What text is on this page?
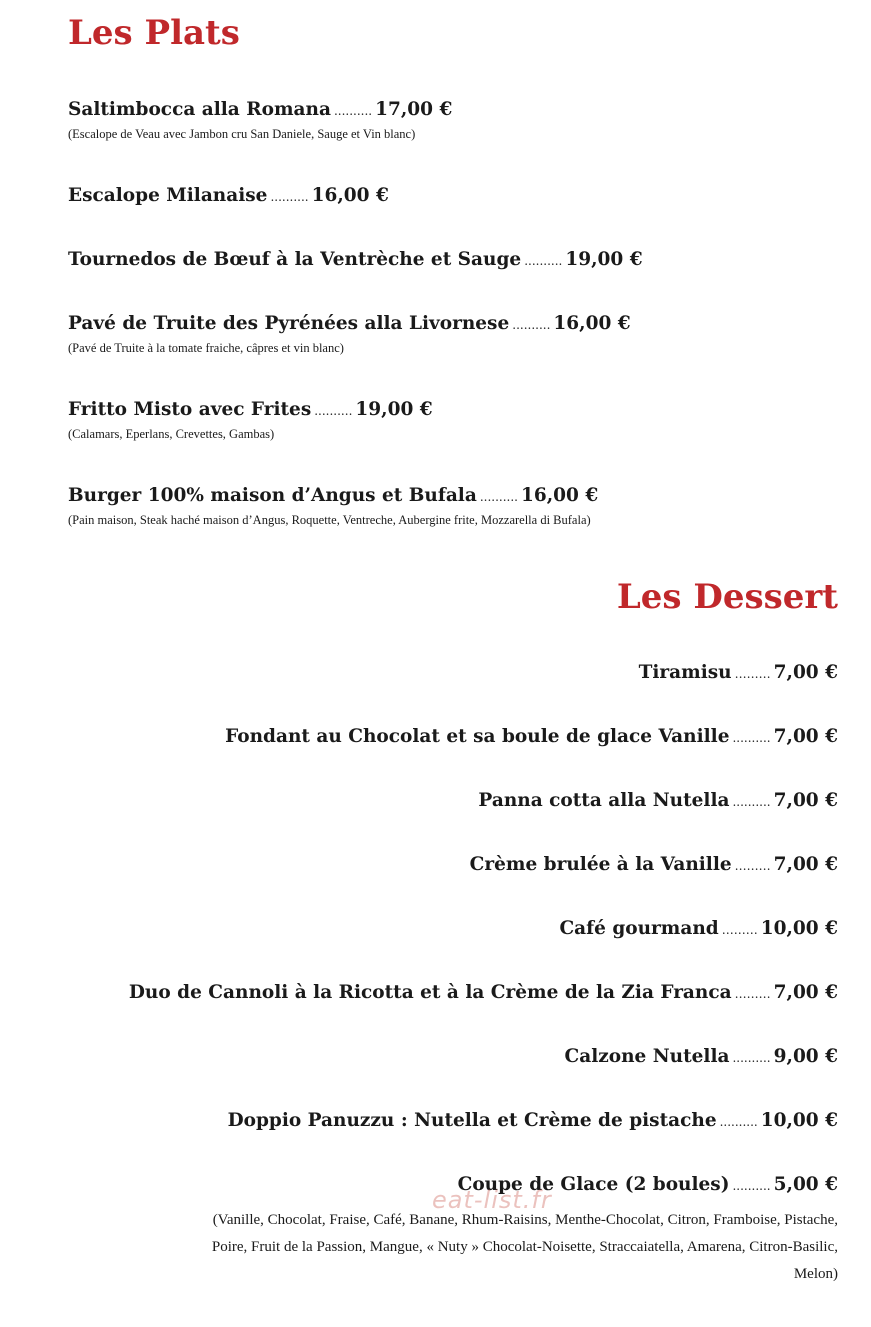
Les Plats
Saltimbocca alla Romana .......... 17,00 €
(Escalope de Veau avec Jambon cru San Daniele, Sauge et Vin blanc)
Escalope Milanaise .......... 16,00 €
Tournedos de Bœuf à la Ventrèche et Sauge .......... 19,00 €
Pavé de Truite des Pyrénées alla Livornese .......... 16,00 €
(Pavé de Truite à la tomate fraiche, câpres et vin blanc)
Fritto Misto avec Frites .......... 19,00 €
(Calamars, Eperlans, Crevettes, Gambas)
Burger 100% maison d’Angus et Bufala .......... 16,00 €
(Pain maison, Steak haché maison d’Angus, Roquette, Ventreche, Aubergine frite, Mozzarella di Bufala)
Les Dessert
Tiramisu ……… 7,00 €
Fondant au Chocolat et sa boule de glace Vanille .......... 7,00 €
Panna cotta alla Nutella .......... 7,00 €
Crème brulée à la Vanille ……… 7,00 €
Café gourmand ……… 10,00 €
Duo de Cannoli à la Ricotta et à la Crème de la Zia Franca ……… 7,00 €
Calzone Nutella .......... 9,00 €
Doppio Panuzzu : Nutella et Crème de pistache .......... 10,00 €
Coupe de Glace (2 boules) .......... 5,00 €
(Vanille, Chocolat, Fraise, Café, Banane, Rhum-Raisins, Menthe-Chocolat, Citron, Framboise, Pistache,
Poire, Fruit de la Passion, Mangue, « Nuty » Chocolat-Noisette, Straccaiatella, Amarena, Citron-Basilic,
Melon)
eat-list.fr
